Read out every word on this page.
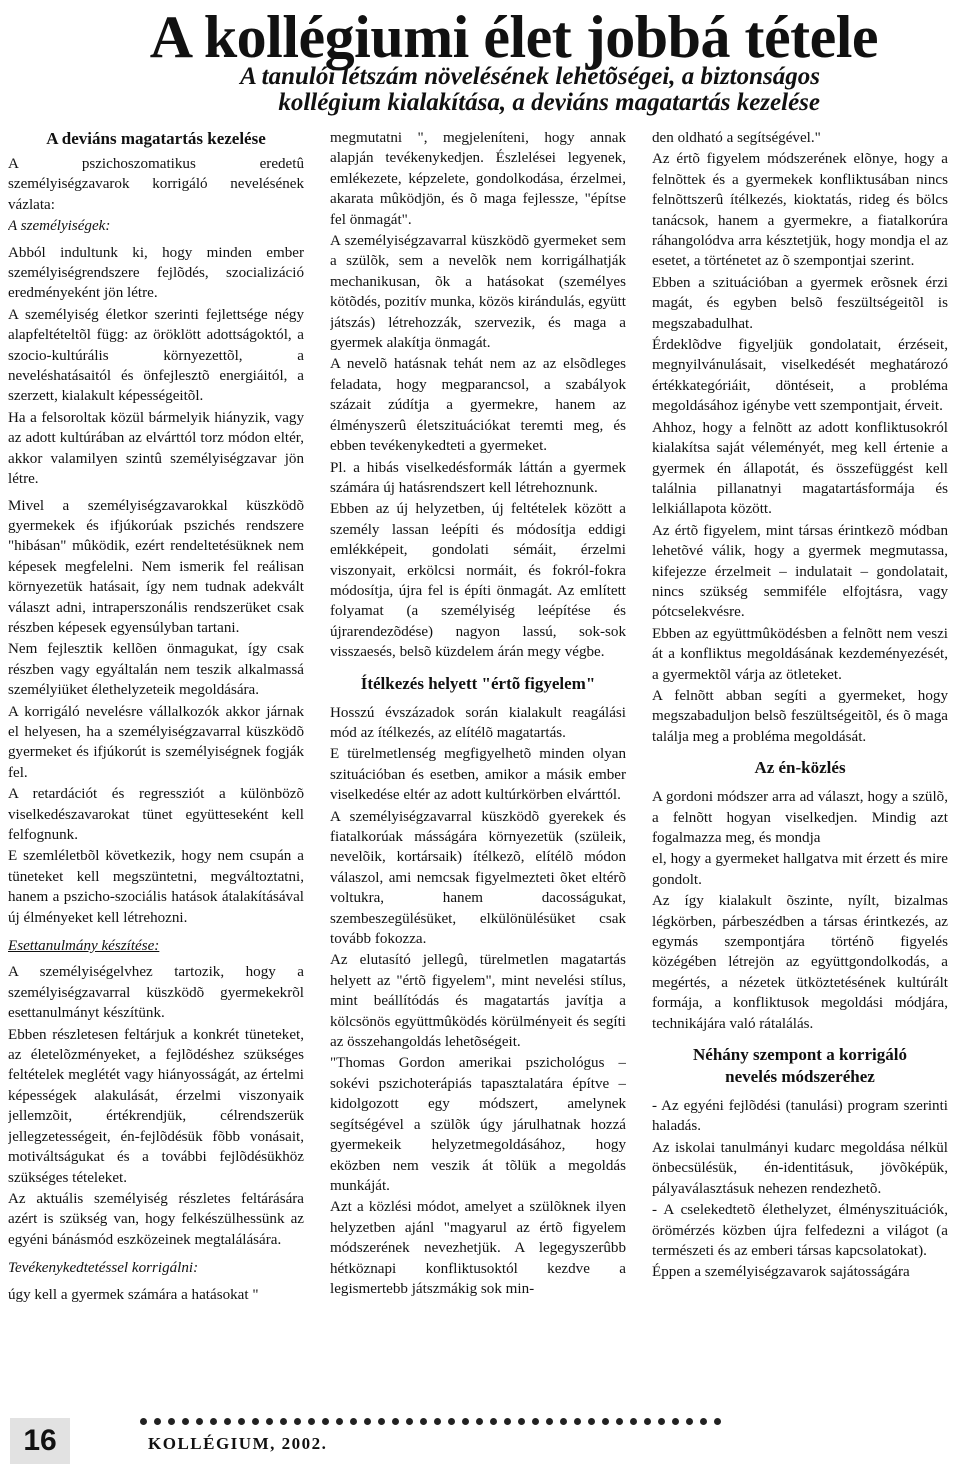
A kollégiumi élet jobbá tétele
A tanulói létszám növelésének lehetõségei, a biztonságos
kollégium kialakítása, a deviáns magatartás kezelése
A deviáns magatartás kezelése

A pszichoszomatikus eredetû személyiségzavarok korrigáló nevelésének vázlata:

A személyiségek:

Abból indultunk ki, hogy minden ember személyiségrendszere fejlõdés, szocializáció eredményeként jön létre.

A személyiség életkor szerinti fejlettsége négy alapfeltételtõl függ: az öröklött adottságoktól, a szocio-kultúrális környezettõl, a neveléshatásaitól és önfejlesztõ energiáitól, a szerzett, kialakult képességeitõl.

Ha a felsoroltak közül bármelyik hiányzik, vagy az adott kultúrában az elvárttól torz módon eltér, akkor valamilyen szintû személyiségzavar jön létre.

Mivel a személyiségzavarokkal küszködõ gyermekek és ifjúkorúak pszichés rendszere "hibásan" mûködik, ezért rendeltetésüknek nem képesek megfelelni. Nem ismerik fel reálisan környezetük hatásait, így nem tudnak adekvált választ adni, intraperszonális rendszerüket csak részben képesek egyensúlyban tartani.

Nem fejlesztik kellõen önmagukat, így csak részben vagy egyáltalán nem teszik alkalmassá személyiüket élethelyzeteik megoldására.

A korrigáló nevelésre vállalkozók akkor járnak el helyesen, ha a személyiségzavarral küszködõ gyermeket és ifjúkorút is személyiségnek fogják fel.

A retardációt és regressziót a különbözõ viselkedészavarokat tünet együtteseként kell felfognunk.

E szemléletbõl következik, hogy nem csupán a tüneteket kell megszüntetni, megváltoztatni, hanem a pszicho-szociális hatások átalakításával új élményeket kell létrehozni.

Esettanulmány készítése:

A személyiségelvhez tartozik, hogy a személyiségzavarral küszködõ gyermekekrõl esettanulmányt készítünk.

Ebben részletesen feltárjuk a konkrét tüneteket, az életelõzményeket, a fejlõdéshez szükséges feltételek meglétét vagy hiányosságát, az értelmi képességek alakulását, érzelmi viszonyaik jellemzõit, értékrendjük, célrendszerük jellegzetességeit, én-fejlõdésük fõbb vonásait, motiváltságukat és a további fejlõdésükhöz szükséges tételeket.

Az aktuális személyiség részletes feltárására azért is szükség van, hogy felkészülhessünk az egyéni bánásmód eszközeinek megtalálására.

Tevékenykedtetéssel korrigálni:

úgy kell a gyermek számára a hatásokat "

megmutatni ", megjeleníteni, hogy annak alapján tevékenykedjen. Észlelései legyenek, emlékezete, képzelete, gondolkodása, érzelmei, akarata mûködjön, és õ maga fejlessze, "építse fel önmagát".

A személyiségzavarral küszködõ gyermeket sem a szülõk, sem a nevelõk nem korrigálhatják mechanikusan, õk a hatásokat (személyes kötõdés, pozitív munka, közös kirándulás, együtt játszás) létrehozzák, szervezik, és maga a gyermek alakítja önmagát.

A nevelõ hatásnak tehát nem az az elsõdleges feladata, hogy megparancsol, a szabályok százait zúdítja a gyermekre, hanem az élményszerû életszituációkat teremti meg, és ebben tevékenykedteti a gyermeket.

Pl. a hibás viselkedésformák láttán a gyermek számára új hatásrendszert kell létrehoznunk.

Ebben az új helyzetben, új feltételek között a személy lassan leépíti és módosítja eddigi emlékképeit, gondolati sémáit, érzelmi viszonyait, erkölcsi normáit, és fokról-fokra módosítja, újra fel is építi önmagát. Az említett folyamat (a személyiség leépítése és újrarendezõdése) nagyon lassú, sok-sok visszaesés, belsõ küzdelem árán megy végbe.

Ítélkezés helyett "értõ figyelem"

Hosszú évszázadok során kialakult reagálási mód az ítélkezés, az elítélõ magatartás.

E türelmetlenség megfigyelhetõ minden olyan szituációban és esetben, amikor a másik ember viselkedése eltér az adott kultúrkörben elvárttól.

A személyiségzavarral küszködõ gyerekek és fiatalkorúak másságára környezetük (szüleik, nevelõik, kortársaik) ítélkezõ, elítélõ módon válaszol, ami nemcsak figyelmezteti õket eltérõ voltukra, hanem dacosságukat, szembeszegülésüket, elkülönülésüket csak tovább fokozza.

Az elutasító jellegû, türelmetlen magatartás helyett az "értõ figyelem", mint nevelési stílus, mint beállítódás és magatartás javítja a kölcsönös együttmûködés körülményeit és segíti az összehangoldás lehetõségeit.

"Thomas Gordon amerikai pszichológus – sokévi pszichoterápiás tapasztalatára építve – kidolgozott egy módszert, amelynek segítségével a szülõk úgy járulhatnak hozzá gyermekeik helyzetmegoldásához, hogy eközben nem veszik át tõlük a megoldás munkáját.

Azt a közlési módot, amelyet a szülõknek ilyen helyzetben ajánl "magyarul az értõ figyelem módszerének nevezhetjük. A legegyszerûbb hétköznapi konfliktusoktól kezdve a legismertebb játszmákig sok min-

den oldható a segítségével."

Az értõ figyelem módszerének elõnye, hogy a felnõttek és a gyermekek konfliktusában nincs felnõttszerû ítélkezés, kioktatás, rideg és bölcs tanácsok, hanem a gyermekre, a fiatalkorúra ráhangolódva arra késztetjük, hogy mondja el az esetet, a történetet az õ szempontjai szerint.

Ebben a szituációban a gyermek erõsnek érzi magát, és egyben belsõ feszültségeitõl is megszabadulhat.

Érdeklõdve figyeljük gondolatait, érzéseit, megnyilvánulásait, viselkedését meghatározó értékkategóriáit, döntéseit, a probléma megoldásához igénybe vett szempontjait, érveit.

Ahhoz, hogy a felnõtt az adott konfliktusokról kialakítsa saját véleményét, meg kell értenie a gyermek én állapotát, és összefüggést kell találnia pillanatnyi magatartásformája és lelkiállapota között.

Az értõ figyelem, mint társas érintkezõ módban lehetõvé válik, hogy a gyermek megmutassa, kifejezze érzelmeit – indulatait – gondolatait, nincs szükség semmiféle elfojtásra, vagy pótcselekvésre.

Ebben az együttmûködésben a felnõtt nem veszi át a konfliktus megoldásának kezdeményezését, a gyermektõl várja az ötleteket.

A felnõtt abban segíti a gyermeket, hogy megszabaduljon belsõ feszültségeitõl, és õ maga találja meg a probléma megoldását.

Az én-közlés

A gordoni módszer arra ad választ, hogy a szülõ, a felnõtt hogyan viselkedjen. Mindig azt fogalmazza meg, és mondja

el, hogy a gyermeket hallgatva mit érzett és mire gondolt.

Az így kialakult õszinte, nyílt, bizalmas légkörben, párbeszédben a társas érintkezés, az egymás szempontjára történõ figyelés közégében létrejön az együttgondolkodás, a megértés, a nézetek ütköztetésének kultúrált formája, a konfliktusok megoldási módjára, technikájára való rátalálás.

Néhány szempont a korrigáló
nevelés módszeréhez

- Az egyéni fejlõdési (tanulási) program szerinti haladás.

Az iskolai tanulmányi kudarc megoldása nélkül önbecsülésük, én-identitásuk, jövõképük, pályaválasztásuk nehezen rendezhetõ.

- A cselekedtetõ élethelyzet, élményszituációk, örömérzés közben újra felfedezni a világot (a természeti és az emberi társas kapcsolatokat).

Éppen a személyiségzavarok sajátosságára

16	KOLLÉGIUM, 2002.
